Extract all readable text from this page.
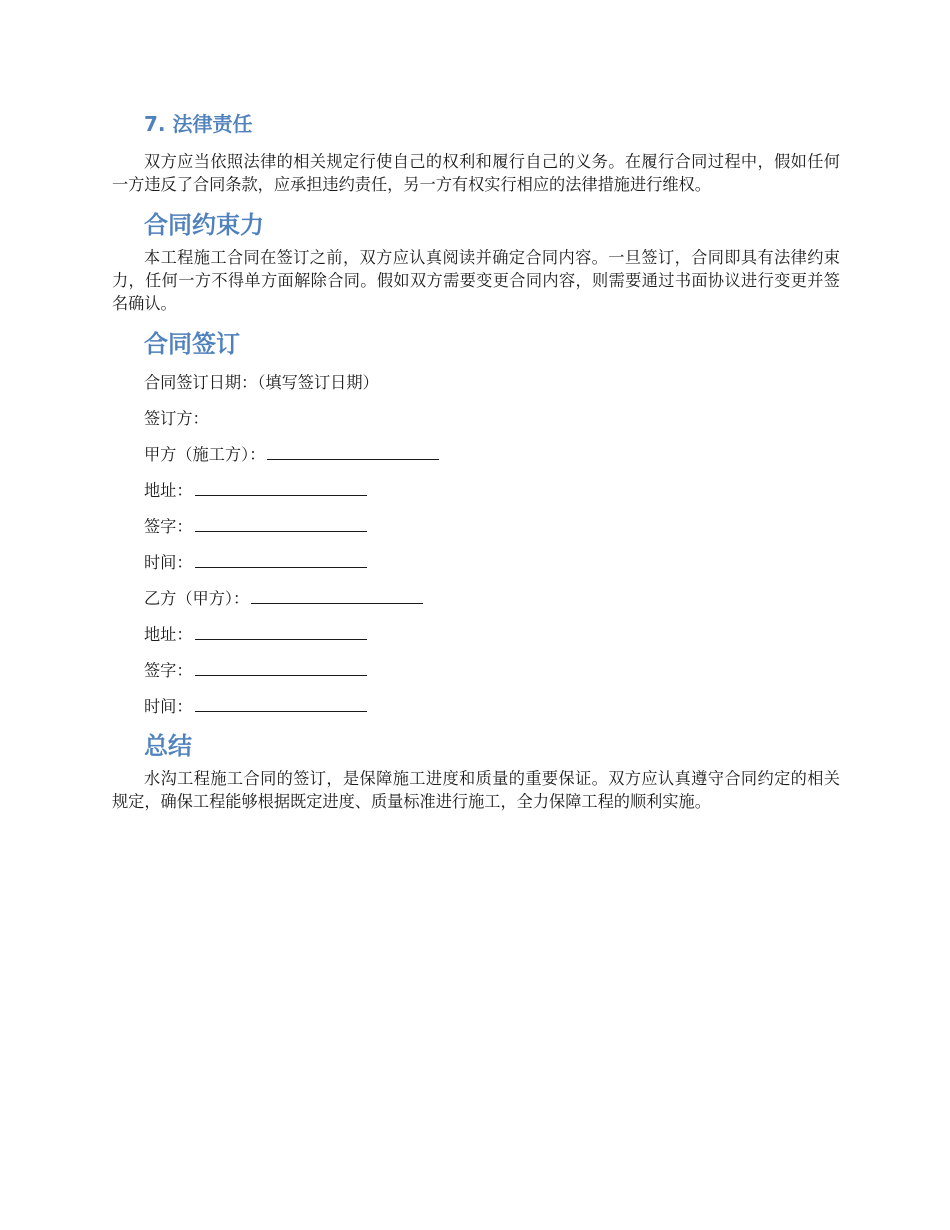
7. 法律责任

双方应当依照法律的相关规定行使自己的权利和履行自己的义务。在履行合同过程中，假如任何一方违反了合同条款，应承担违约责任，另一方有权实行相应的法律措施进行维权。

合同约束力

本工程施工合同在签订之前，双方应认真阅读并确定合同内容。一旦签订，合同即具有法律约束力，任何一方不得单方面解除合同。假如双方需要变更合同内容，则需要通过书面协议进行变更并签名确认。

合同签订
合同签订日期：（填写签订日期）
签订方：
甲方（施工方）：
地址：
签字：
时间：
乙方（甲方）：
地址：
签字：
时间：
总结

水沟工程施工合同的签订，是保障施工进度和质量的重要保证。双方应认真遵守合同约定的相关规定，确保工程能够根据既定进度、质量标准进行施工，全力保障工程的顺利实施。
